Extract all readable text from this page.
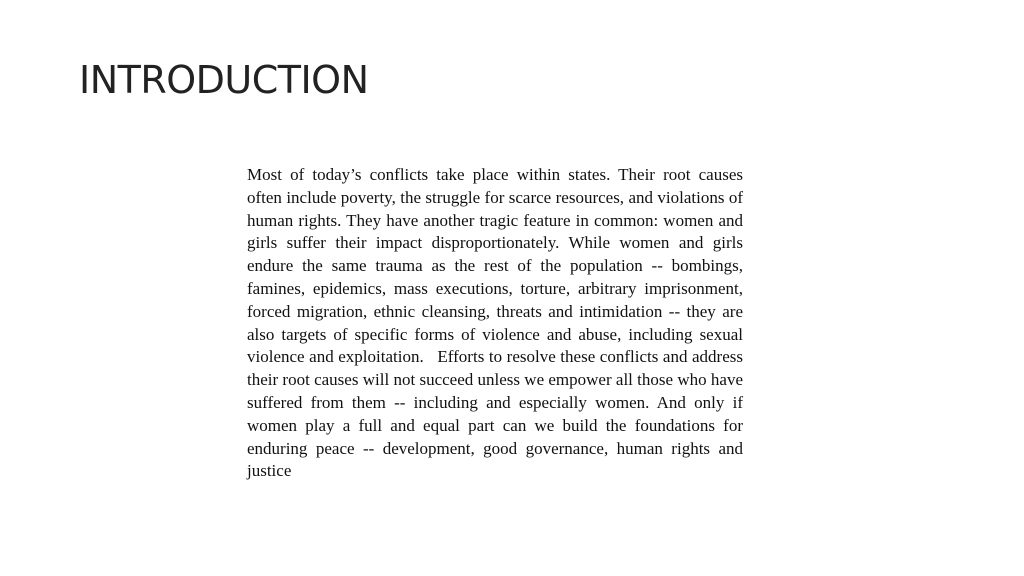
INTRODUCTION

Most of today’s conflicts take place within states. Their root causes often include poverty, the struggle for scarce resources, and violations of human rights. They have another tragic feature in common: women and girls suffer their impact disproportionately. While women and girls endure the same trauma as the rest of the population -- bombings, famines, epidemics, mass executions, torture, arbitrary imprisonment, forced migration, ethnic cleansing, threats and intimidation -- they are also targets of specific forms of violence and abuse, including sexual violence and exploitation.   Efforts to resolve these conflicts and address their root causes will not succeed unless we empower all those who have suffered from them -- including and especially women. And only if women play a full and equal part can we build the foundations for enduring peace -- development, good governance, human rights and justice
